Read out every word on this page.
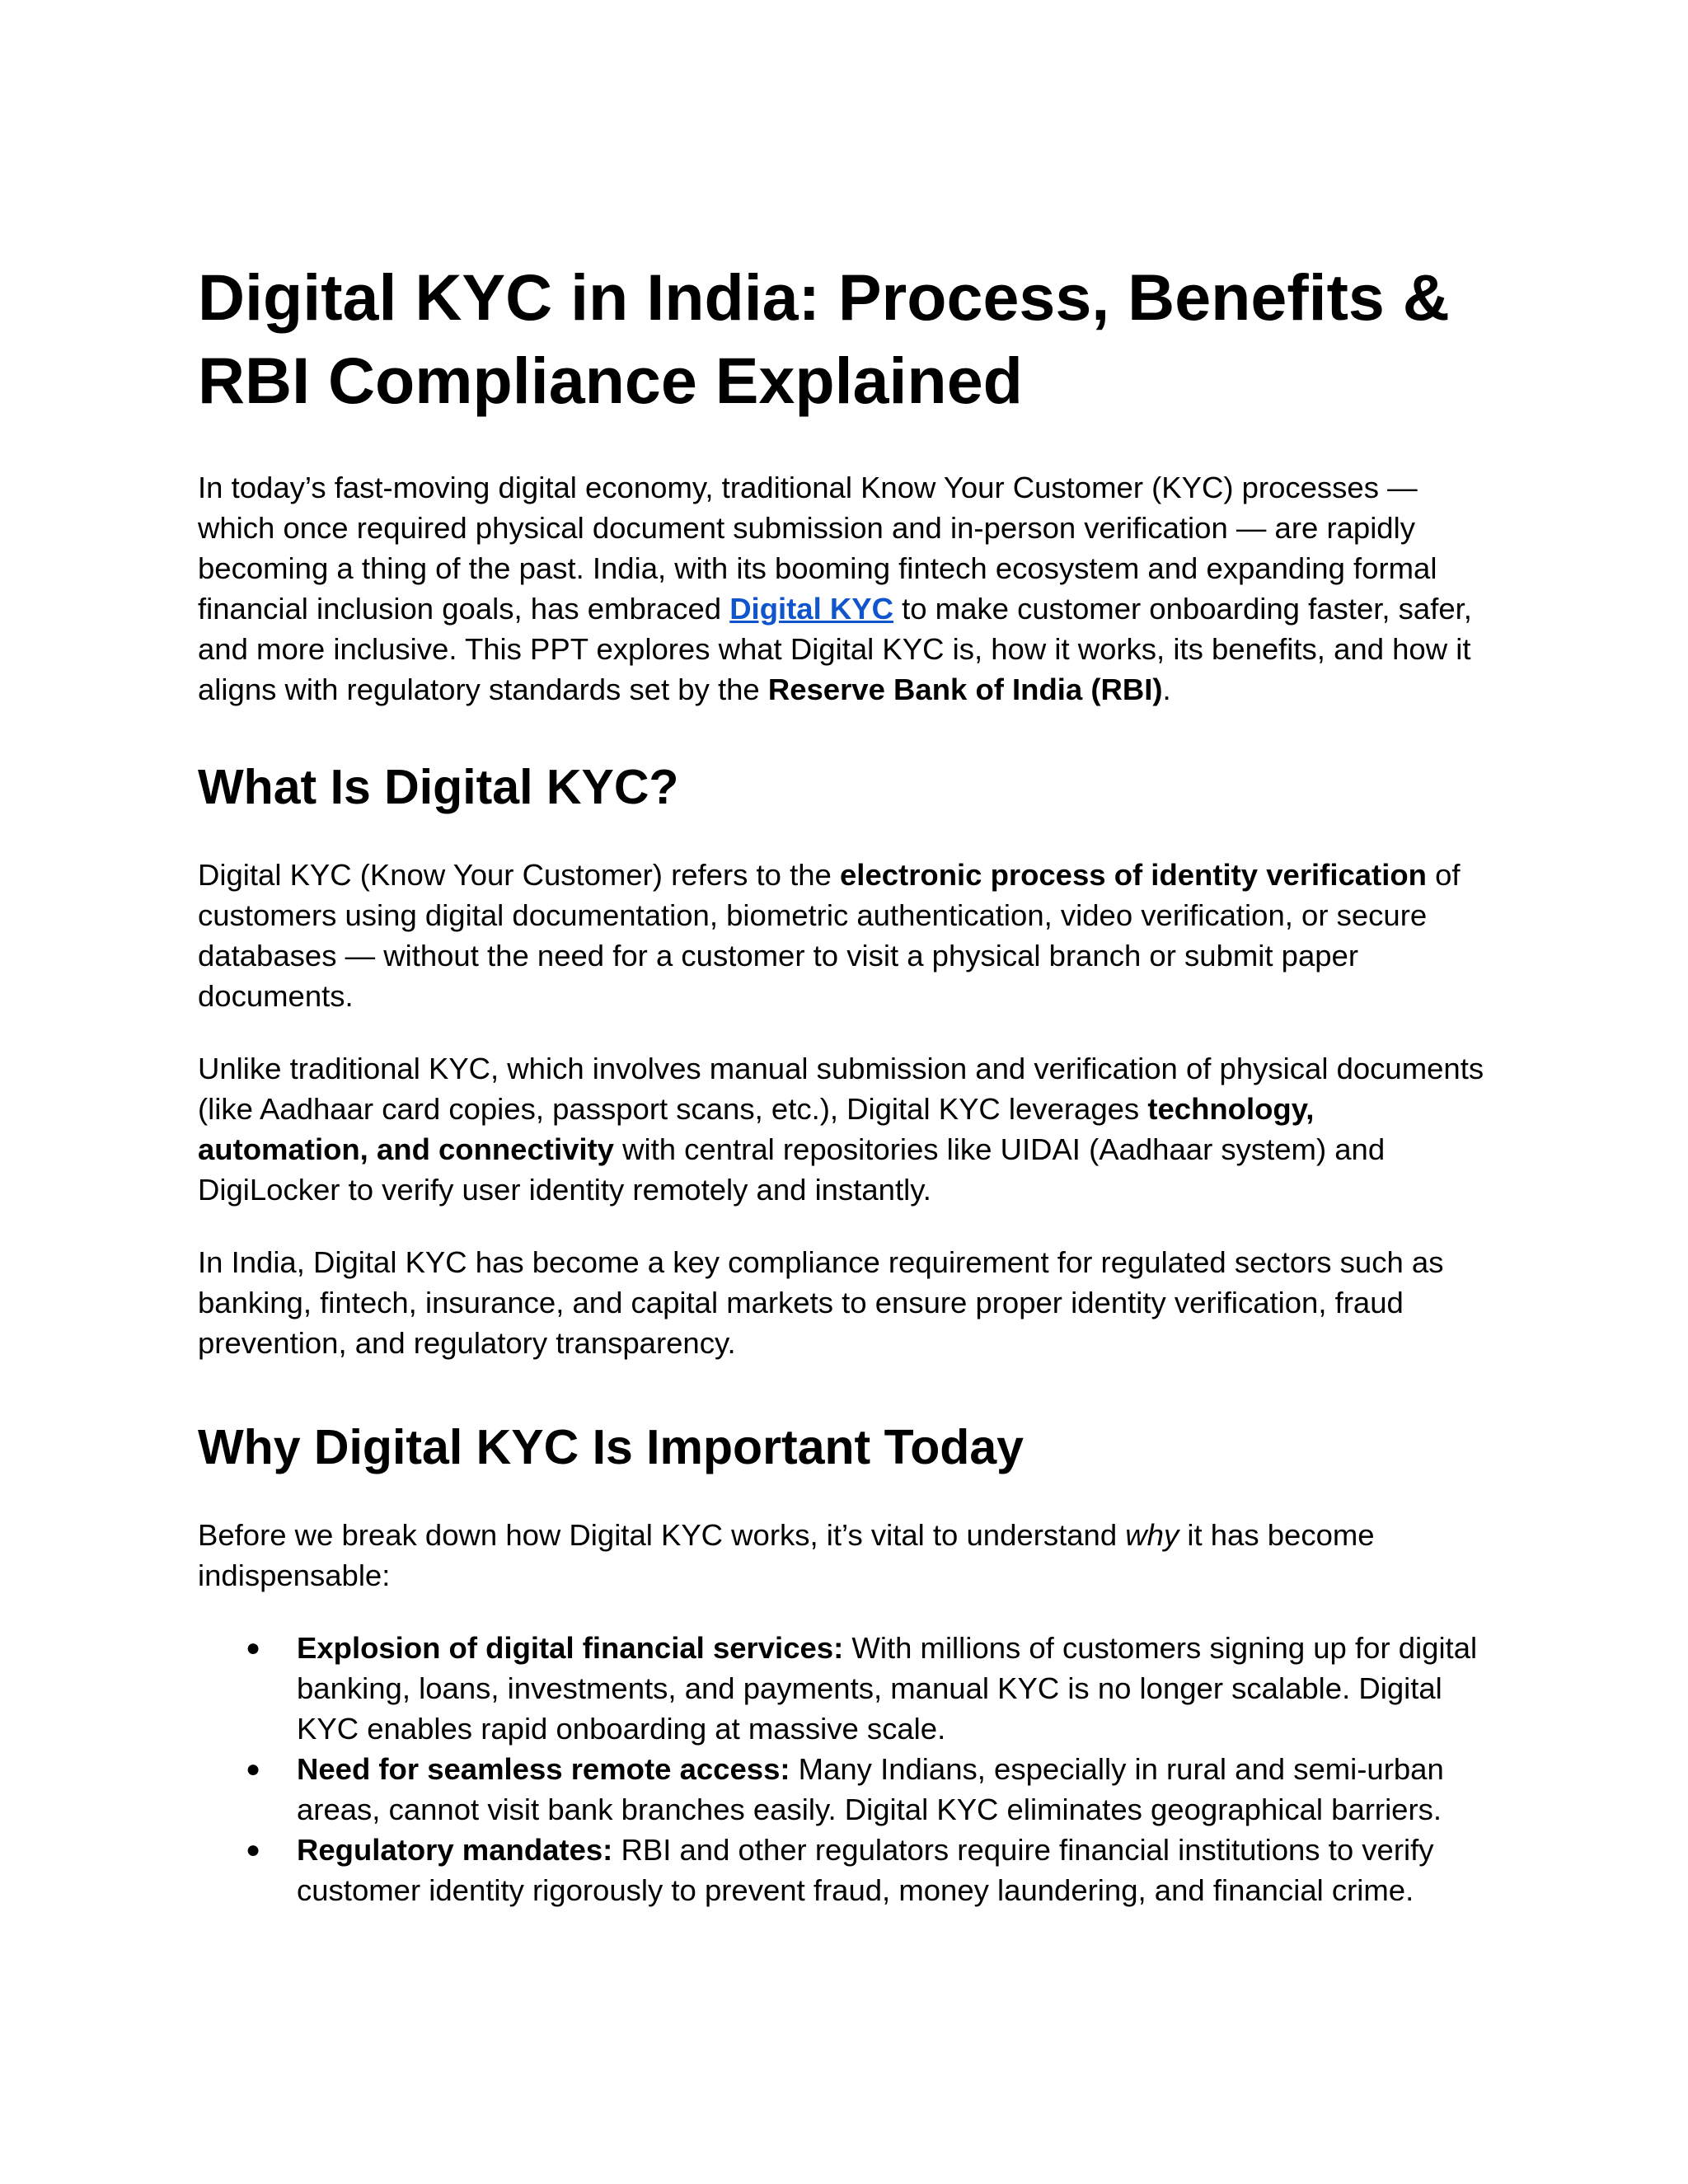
Digital KYC in India: Process, Benefits &
RBI Compliance Explained

In today’s fast-moving digital economy, traditional Know Your Customer (KYC) processes — which once required physical document submission and in-person verification — are rapidly becoming a thing of the past. India, with its booming fintech ecosystem and expanding formal financial inclusion goals, has embraced Digital KYC to make customer onboarding faster, safer, and more inclusive. This PPT explores what Digital KYC is, how it works, its benefits, and how it aligns with regulatory standards set by the Reserve Bank of India (RBI).

What Is Digital KYC?

Digital KYC (Know Your Customer) refers to the electronic process of identity verification of customers using digital documentation, biometric authentication, video verification, or secure databases — without the need for a customer to visit a physical branch or submit paper documents.

Unlike traditional KYC, which involves manual submission and verification of physical documents (like Aadhaar card copies, passport scans, etc.), Digital KYC leverages technology, automation, and connectivity with central repositories like UIDAI (Aadhaar system) and DigiLocker to verify user identity remotely and instantly.

In India, Digital KYC has become a key compliance requirement for regulated sectors such as banking, fintech, insurance, and capital markets to ensure proper identity verification, fraud prevention, and regulatory transparency.

Why Digital KYC Is Important Today

Before we break down how Digital KYC works, it’s vital to understand why it has become indispensable:

● Explosion of digital financial services: With millions of customers signing up for digital banking, loans, investments, and payments, manual KYC is no longer scalable. Digital KYC enables rapid onboarding at massive scale.
● Need for seamless remote access: Many Indians, especially in rural and semi-urban areas, cannot visit bank branches easily. Digital KYC eliminates geographical barriers.
● Regulatory mandates: RBI and other regulators require financial institutions to verify customer identity rigorously to prevent fraud, money laundering, and financial crime.
